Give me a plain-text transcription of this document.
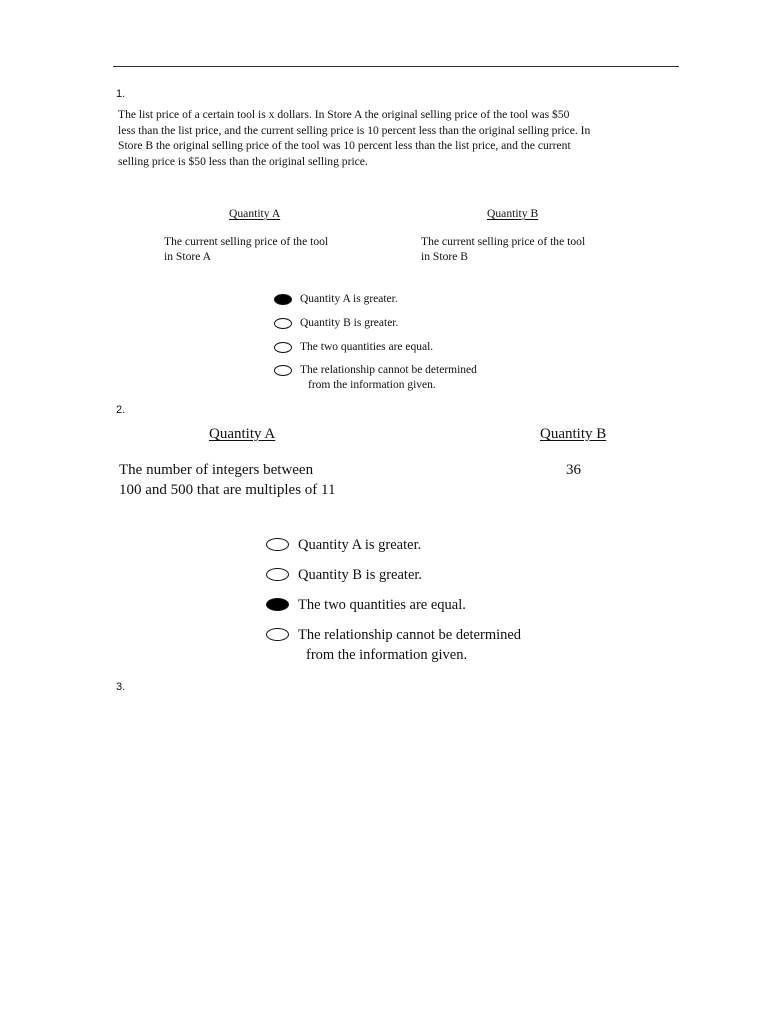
1.

The list price of a certain tool is x dollars. In Store A the original selling price of the tool was $50

less than the list price, and the current selling price is 10 percent less than the original selling price. In

Store B the original selling price of the tool was 10 percent less than the list price, and the current

selling price is $50 less than the original selling price.

Quantity A	Quantity B
The current selling price of the tool
in Store A
The current selling price of the tool
in Store B
Quantity A is greater.
Quantity B is greater.
The two quantities are equal.
The relationship cannot be determined
from the information given.
2.
Quantity A	Quantity B
The number of integers between
100 and 500 that are multiples of 11
36
Quantity A is greater.
Quantity B is greater.
The two quantities are equal.
The relationship cannot be determined
from the information given.
3.
